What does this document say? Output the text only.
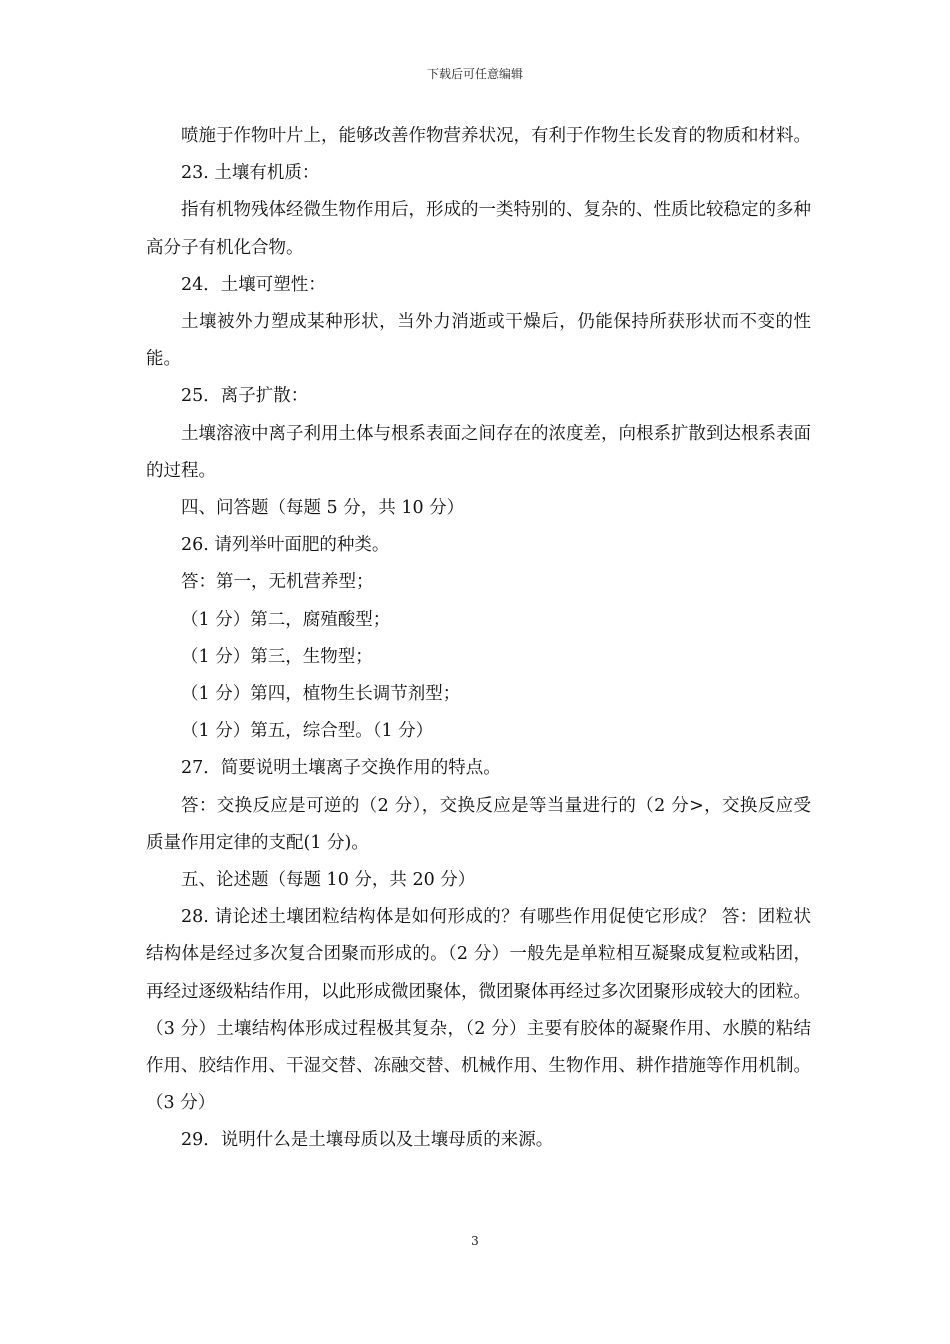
下载后可任意编辑

喷施于作物叶片上，能够改善作物营养状况，有利于作物生长发育的物质和材料。

23. 土壤有机质：

指有机物残体经微生物作用后，形成的一类特别的、复杂的、性质比较稳定的多种高分子有机化合物。

24．土壤可塑性：

土壤被外力塑成某种形状，当外力消逝或干燥后，仍能保持所获形状而不变的性能。

25．离子扩散：

土壤溶液中离子利用土体与根系表面之间存在的浓度差，向根系扩散到达根系表面的过程。

四、问答题（每题 5 分，共 10 分）

26. 请列举叶面肥的种类。

答：第一，无机营养型；

（1 分）第二，腐殖酸型；

（1 分）第三，生物型；

（1 分）第四，植物生长调节剂型；

（1 分）第五，综合型。（1 分）

27．简要说明土壤离子交换作用的特点。

答：交换反应是可逆的（2 分），交换反应是等当量进行的（2 分>，交换反应受质量作用定律的支配(1 分)。

五、论述题（每题 10 分，共 20 分）

28. 请论述土壤团粒结构体是如何形成的？有哪些作用促使它形成？ 答：团粒状结构体是经过多次复合团聚而形成的。（2 分）一般先是单粒相互凝聚成复粒或粘团，再经过逐级粘结作用，以此形成微团聚体，微团聚体再经过多次团聚形成较大的团粒。（3 分）土壤结构体形成过程极其复杂，（2 分）主要有胶体的凝聚作用、水膜的粘结作用、胶结作用、干湿交替、冻融交替、机械作用、生物作用、耕作措施等作用机制。（3 分）

29．说明什么是土壤母质以及土壤母质的来源。

3
